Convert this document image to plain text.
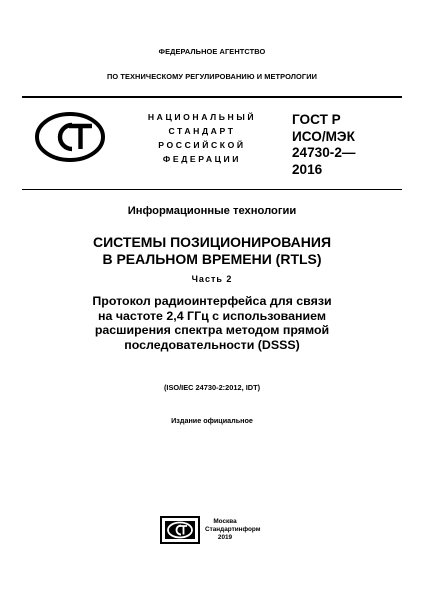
ФЕДЕРАЛЬНОЕ АГЕНТСТВО
ПО ТЕХНИЧЕСКОМУ РЕГУЛИРОВАНИЮ И МЕТРОЛОГИИ
НАЦИОНАЛЬНЫЙ
СТАНДАРТ
РОССИЙСКОЙ
ФЕДЕРАЦИИ
ГОСТ Р
ИСО/МЭК
24730-2—
2016
Информационные технологии
СИСТЕМЫ ПОЗИЦИОНИРОВАНИЯ
В РЕАЛЬНОМ ВРЕМЕНИ (RTLS)
Часть 2
Протокол радиоинтерфейса для связи
на частоте 2,4 ГГц с использованием
расширения спектра методом прямой
последовательности (DSSS)
(ISO/IEC 24730-2:2012, IDT)
Издание официальное
Москва
Стандартинформ
2019
